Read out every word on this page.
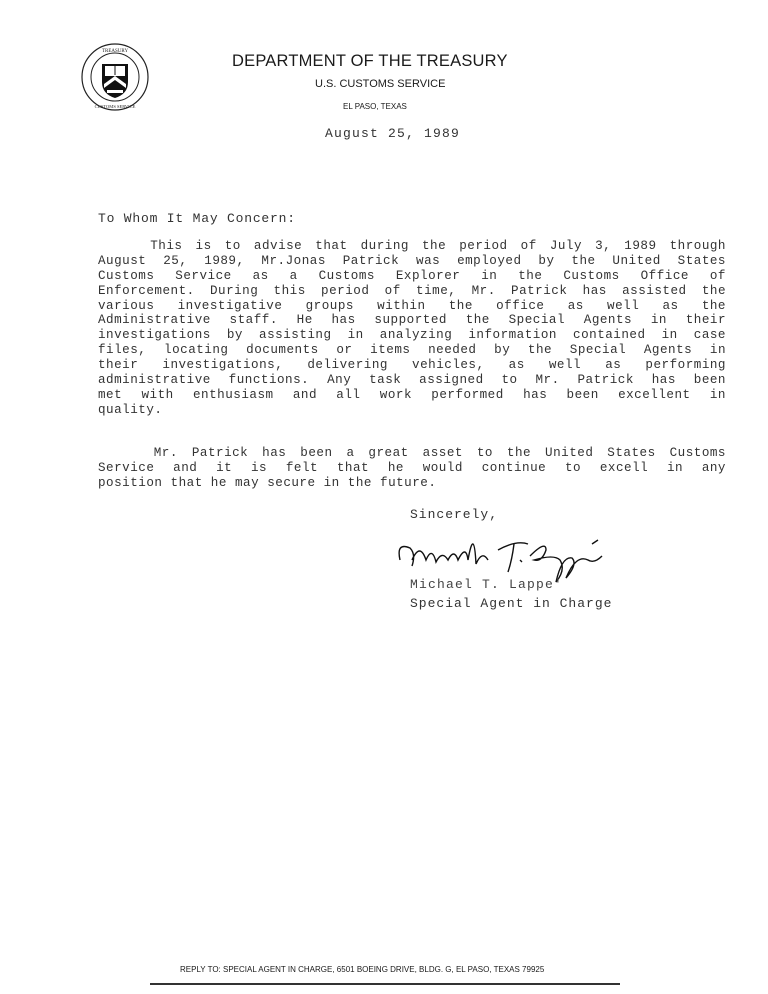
TREASURY
CUSTOMS SERVICE
DEPARTMENT OF THE TREASURY
U.S. CUSTOMS SERVICE
EL PASO, TEXAS
August 25, 1989
To Whom It May Concern:
This is to advise that during the period of July 3, 1989 through
August 25, 1989, Mr.Jonas Patrick was employed by the United States
Customs Service as a Customs Explorer in the Customs Office of
Enforcement. During this period of time, Mr. Patrick has assisted the
various investigative groups within the office as well as the
Administrative staff. He has supported the Special Agents in their
investigations by assisting in analyzing information contained in case
files, locating documents or items needed by the Special Agents in
their investigations, delivering vehicles, as well as performing
administrative functions. Any task assigned to Mr. Patrick has been
met with enthusiasm and all work performed has been excellent in
quality.
Mr. Patrick has been a great asset to the United States Customs
Service and it is felt that he would continue to excell in any
position that he may secure in the future.
Sincerely,
Michael T. Lappe'
Special Agent in Charge
REPLY TO: SPECIAL AGENT IN CHARGE, 6501 BOEING DRIVE, BLDG. G, EL PASO, TEXAS 79925
